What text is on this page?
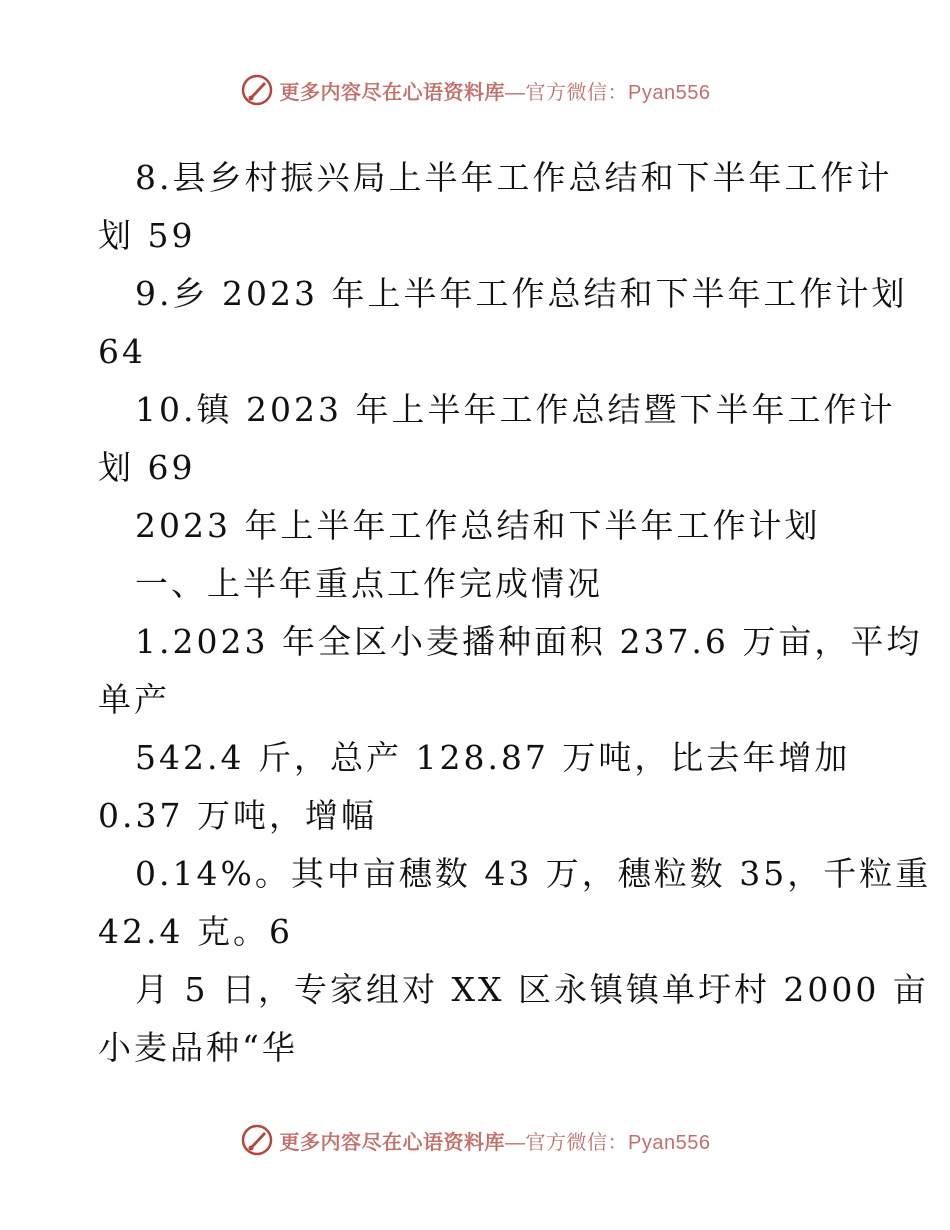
更多内容尽在心语资料库—官方微信：Pyan556
8.县乡村振兴局上半年工作总结和下半年工作计
划 59
9.乡 2023 年上半年工作总结和下半年工作计划
64
10.镇 2023 年上半年工作总结暨下半年工作计
划 69
2023 年上半年工作总结和下半年工作计划
一、上半年重点工作完成情况
1.2023 年全区小麦播种面积 237.6 万亩，平均
单产
542.4 斤，总产 128.87 万吨，比去年增加
0.37 万吨，增幅
0.14%。其中亩穗数 43 万，穗粒数 35，千粒重
42.4 克。6
月 5 日，专家组对 XX 区永镇镇单圩村 2000 亩
小麦品种“华
更多内容尽在心语资料库—官方微信：Pyan556
